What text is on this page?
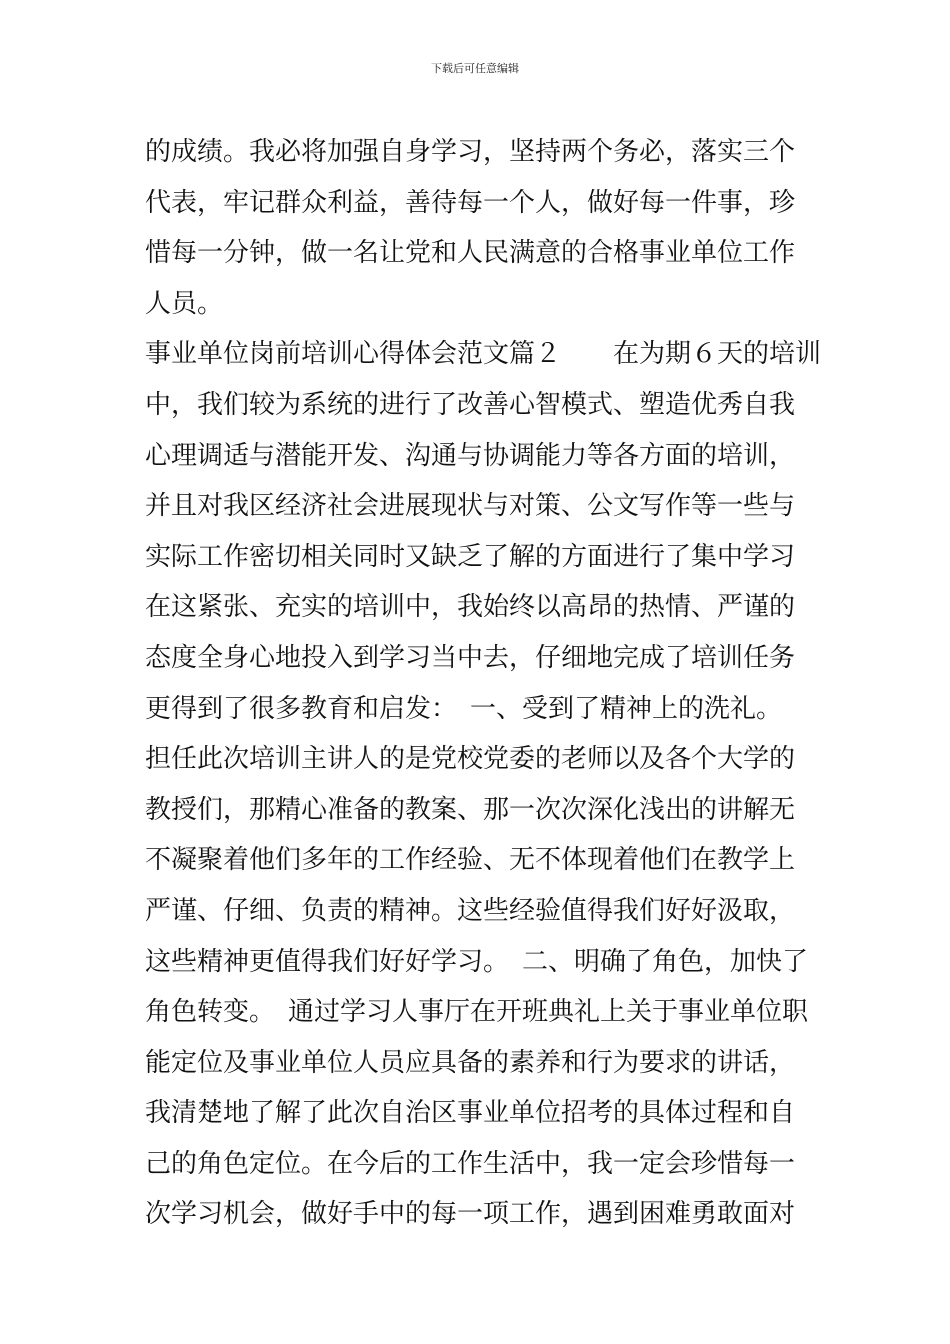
下载后可任意编辑
的成绩。我必将加强自身学习，坚持两个务必，落实三个
代表，牢记群众利益，善待每一个人，做好每一件事，珍
惜每一分钟，做一名让党和人民满意的合格事业单位工作
人员。
事业单位岗前培训心得体会范文篇２　　在为期６天的培训
中，我们较为系统的进行了改善心智模式、塑造优秀自我
心理调适与潜能开发、沟通与协调能力等各方面的培训，
并且对我区经济社会进展现状与对策、公文写作等一些与
实际工作密切相关同时又缺乏了解的方面进行了集中学习
在这紧张、充实的培训中，我始终以高昂的热情、严谨的
态度全身心地投入到学习当中去，仔细地完成了培训任务
更得到了很多教育和启发：　一、受到了精神上的洗礼。
担任此次培训主讲人的是党校党委的老师以及各个大学的
教授们，那精心准备的教案、那一次次深化浅出的讲解无
不凝聚着他们多年的工作经验、无不体现着他们在教学上
严谨、仔细、负责的精神。这些经验值得我们好好汲取，
这些精神更值得我们好好学习。　二、明确了角色，加快了
角色转变。　通过学习人事厅在开班典礼上关于事业单位职
能定位及事业单位人员应具备的素养和行为要求的讲话，
我清楚地了解了此次自治区事业单位招考的具体过程和自
己的角色定位。在今后的工作生活中，我一定会珍惜每一
次学习机会，做好手中的每一项工作，遇到困难勇敢面对
